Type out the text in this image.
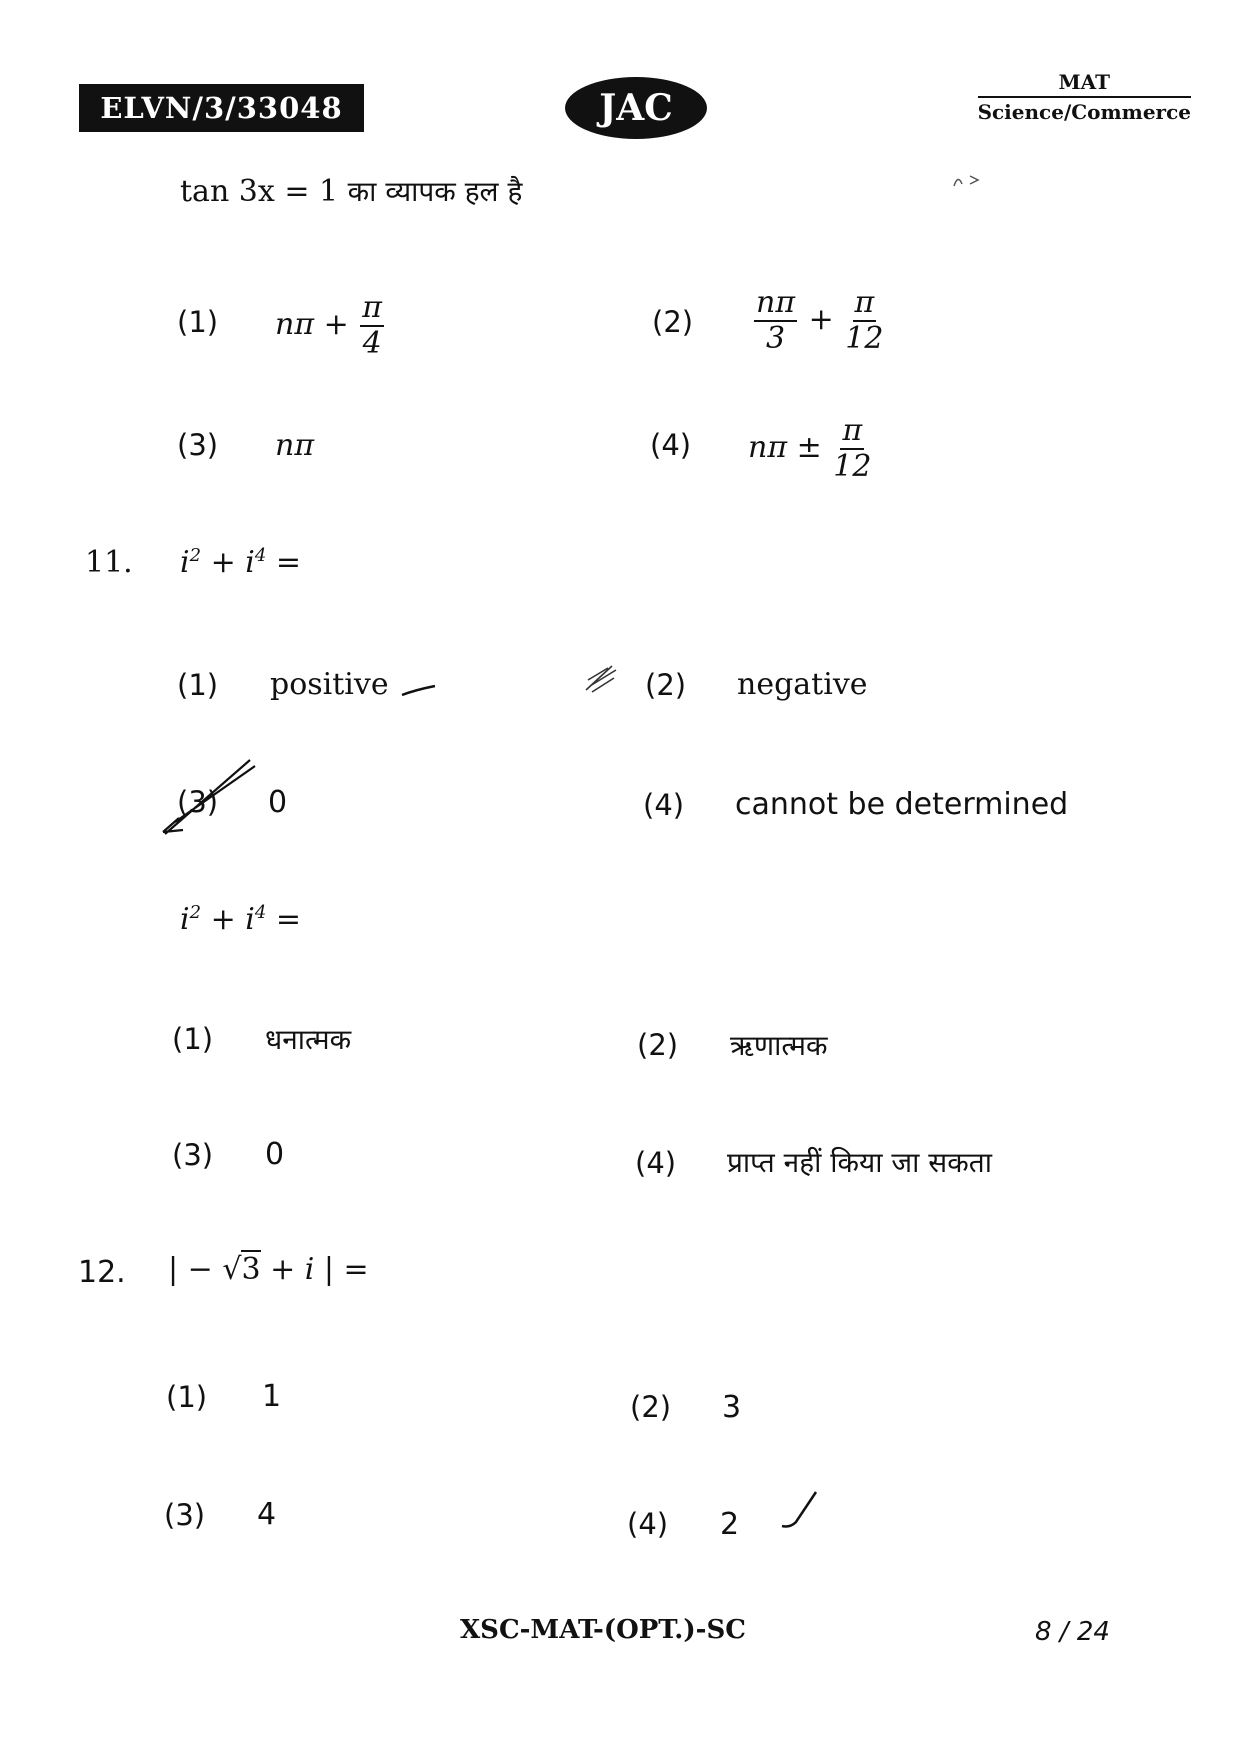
ELVN/3/33048	JAC
MAT
Science/Commerce
tan 3x = 1 का व्यापक हल है
(1) $n\pi + \frac{\pi}{4}$	$(2) \frac{n\pi}{3} + \frac{\pi}{12}$
(3) nπ	(4) $n\pi \pm \frac{\pi}{12}$
11. $i^2 + i^4$ =
(1) positive	(2) negative
(3) 0	(4) cannot be determined
$i^2 + i^4$ =
(1) धनात्मक	(2) ऋणात्मक
(3) 0	(4) प्राप्त नहीं किया जा सकता
12. | − √3 + i | =
(1) 1	(2) 3
(3) 4	(4) 2
XSC-MAT-(OPT.)-SC	8 / 24
